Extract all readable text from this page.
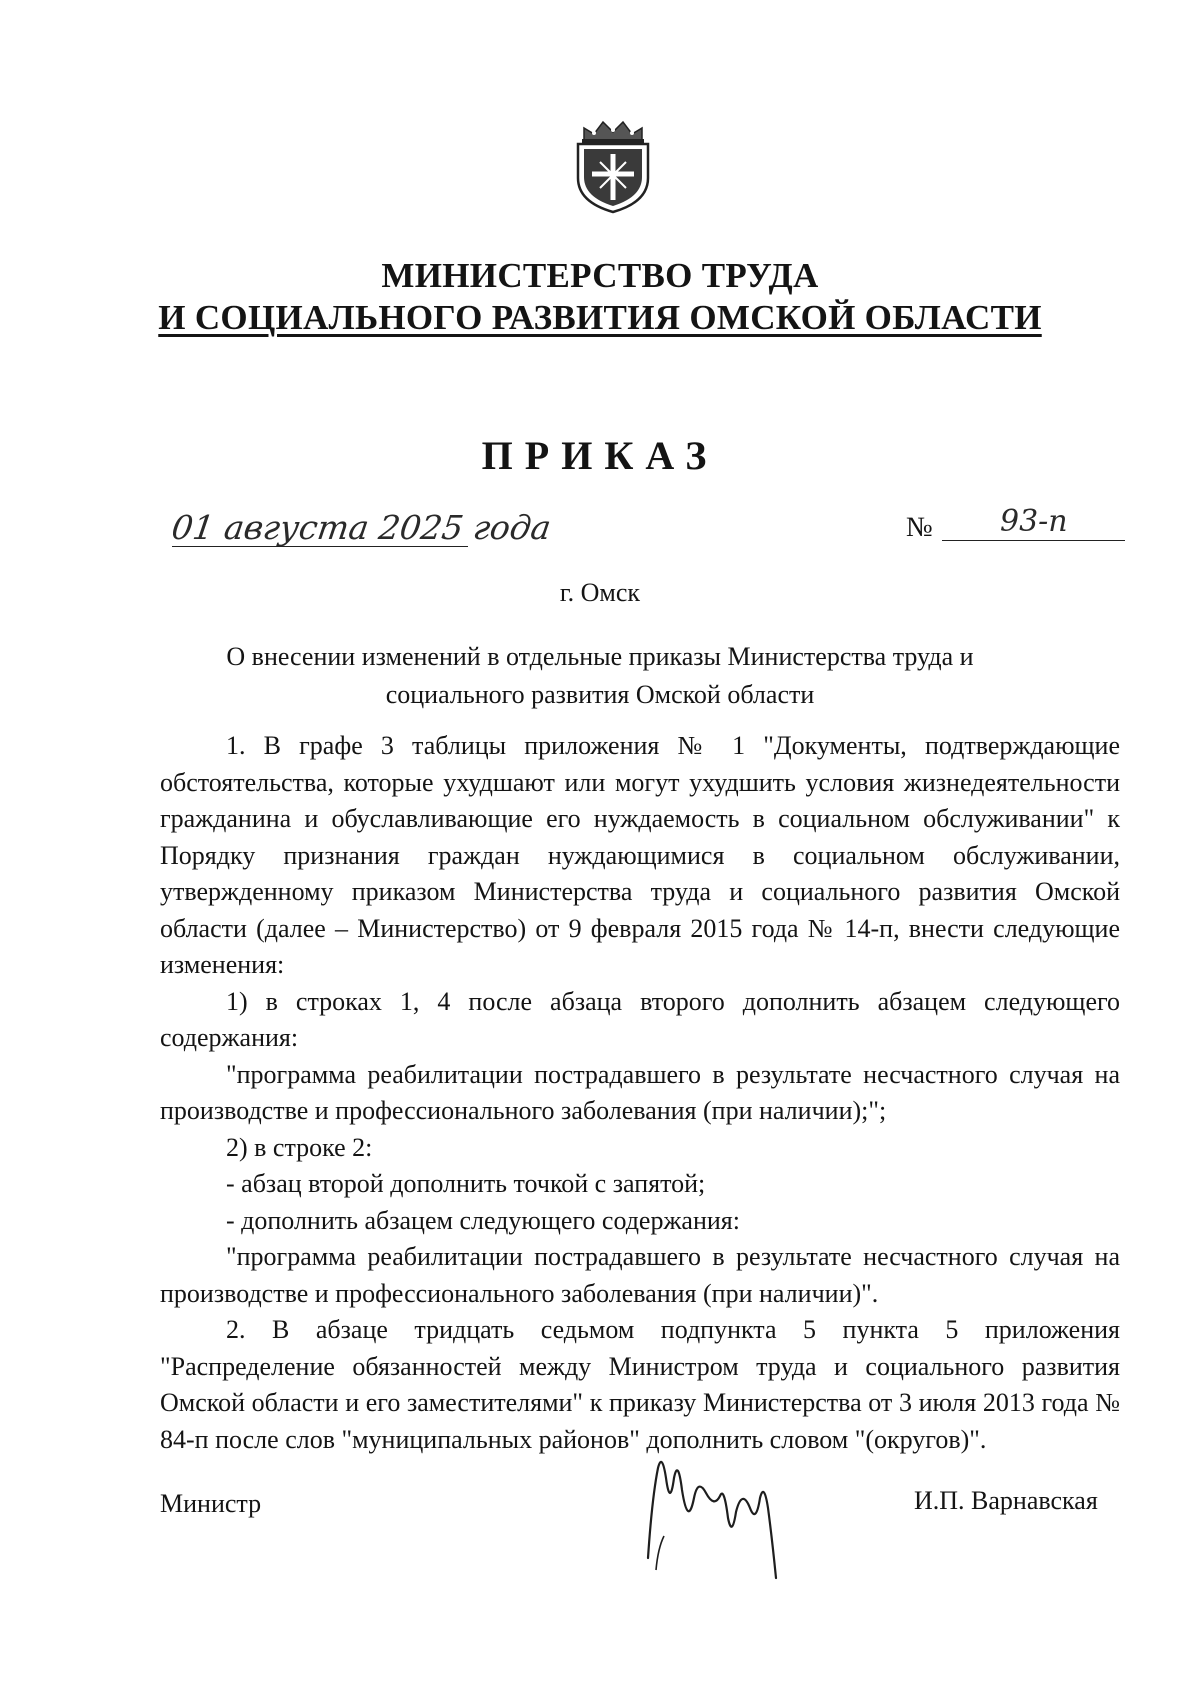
МИНИСТЕРСТВО ТРУДА
И СОЦИАЛЬНОГО РАЗВИТИЯ ОМСКОЙ ОБЛАСТИ
ПРИКАЗ
01 августа 2025 года	№ 93-п
г. Омск
О внесении изменений в отдельные приказы Министерства труда и
социального развития Омской области

1. В графе 3 таблицы приложения № 1 "Документы, подтверждающие обстоятельства, которые ухудшают или могут ухудшить условия жизнедеятельности гражданина и обуславливающие его нуждаемость в социальном обслуживании" к Порядку признания граждан нуждающимися в социальном обслуживании, утвержденному приказом Министерства труда и социального развития Омской области (далее – Министерство) от 9 февраля 2015 года № 14-п, внести следующие изменения:

1) в строках 1, 4 после абзаца второго дополнить абзацем следующего содержания:

"программа реабилитации пострадавшего в результате несчастного случая на производстве и профессионального заболевания (при наличии);";

2) в строке 2:

- абзац второй дополнить точкой с запятой;

- дополнить абзацем следующего содержания:

"программа реабилитации пострадавшего в результате несчастного случая на производстве и профессионального заболевания (при наличии)".

2. В абзаце тридцать седьмом подпункта 5 пункта 5 приложения "Распределение обязанностей между Министром труда и социального развития Омской области и его заместителями" к приказу Министерства от 3 июля 2013 года № 84-п после слов "муниципальных районов" дополнить словом "(округов)".

Министр	И.П. Варнавская
